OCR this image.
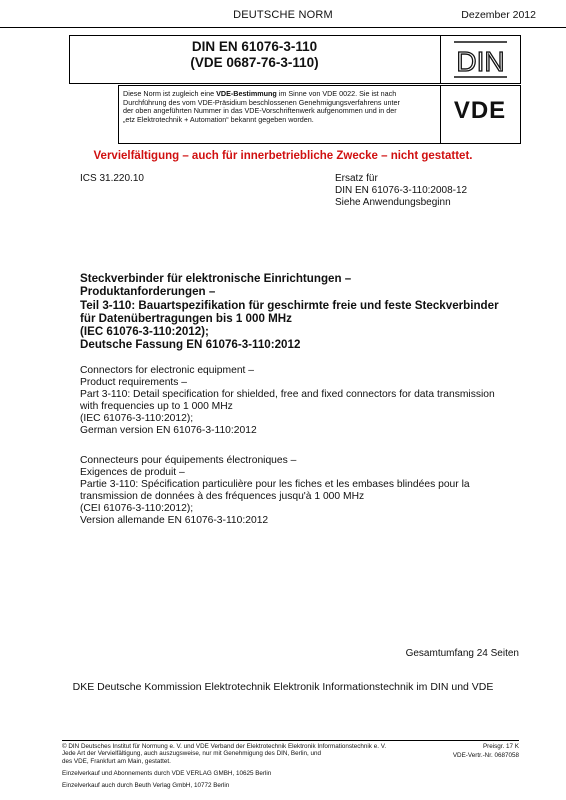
DEUTSCHE NORM	Dezember 2012
DIN EN 61076-3-110
(VDE 0687-76-3-110)	DIN
Diese Norm ist zugleich eine VDE-Bestimmung im Sinne von VDE 0022. Sie ist nach
Durchführung des vom VDE-Präsidium beschlossenen Genehmigungsverfahrens unter
der oben angeführten Nummer in das VDE-Vorschriftenwerk aufgenommen und in der
„etz Elektrotechnik + Automation“ bekannt gegeben worden.	VDE
Vervielfältigung – auch für innerbetriebliche Zwecke – nicht gestattet.
ICS 31.220.10	Ersatz für
DIN EN 61076-3-110:2008-12
Siehe Anwendungsbeginn
Steckverbinder für elektronische Einrichtungen –
Produktanforderungen –
Teil 3-110: Bauartspezifikation für geschirmte freie und feste Steckverbinder
für Datenübertragungen bis 1 000 MHz
(IEC 61076-3-110:2012);
Deutsche Fassung EN 61076-3-110:2012
Connectors for electronic equipment –
Product requirements –
Part 3-110: Detail specification for shielded, free and fixed connectors for data transmission
with frequencies up to 1 000 MHz
(IEC 61076-3-110:2012);
German version EN 61076-3-110:2012
Connecteurs pour équipements électroniques –
Exigences de produit –
Partie 3-110: Spécification particulière pour les fiches et les embases blindées pour la
transmission de données à des fréquences jusqu'à 1 000 MHz
(CEI 61076-3-110:2012);
Version allemande EN 61076-3-110:2012
Gesamtumfang 24 Seiten
DKE Deutsche Kommission Elektrotechnik Elektronik Informationstechnik im DIN und VDE
© DIN Deutsches Institut für Normung e. V. und VDE Verband der Elektrotechnik Elektronik Informationstechnik e. V.
Jede Art der Vervielfältigung, auch auszugsweise, nur mit Genehmigung des DIN, Berlin, und
des VDE, Frankfurt am Main, gestattet.
Preisgr. 17 K
VDE-Vertr.-Nr. 0687058
Einzelverkauf und Abonnements durch VDE VERLAG GMBH, 10625 Berlin
Einzelverkauf auch durch Beuth Verlag GmbH, 10772 Berlin
